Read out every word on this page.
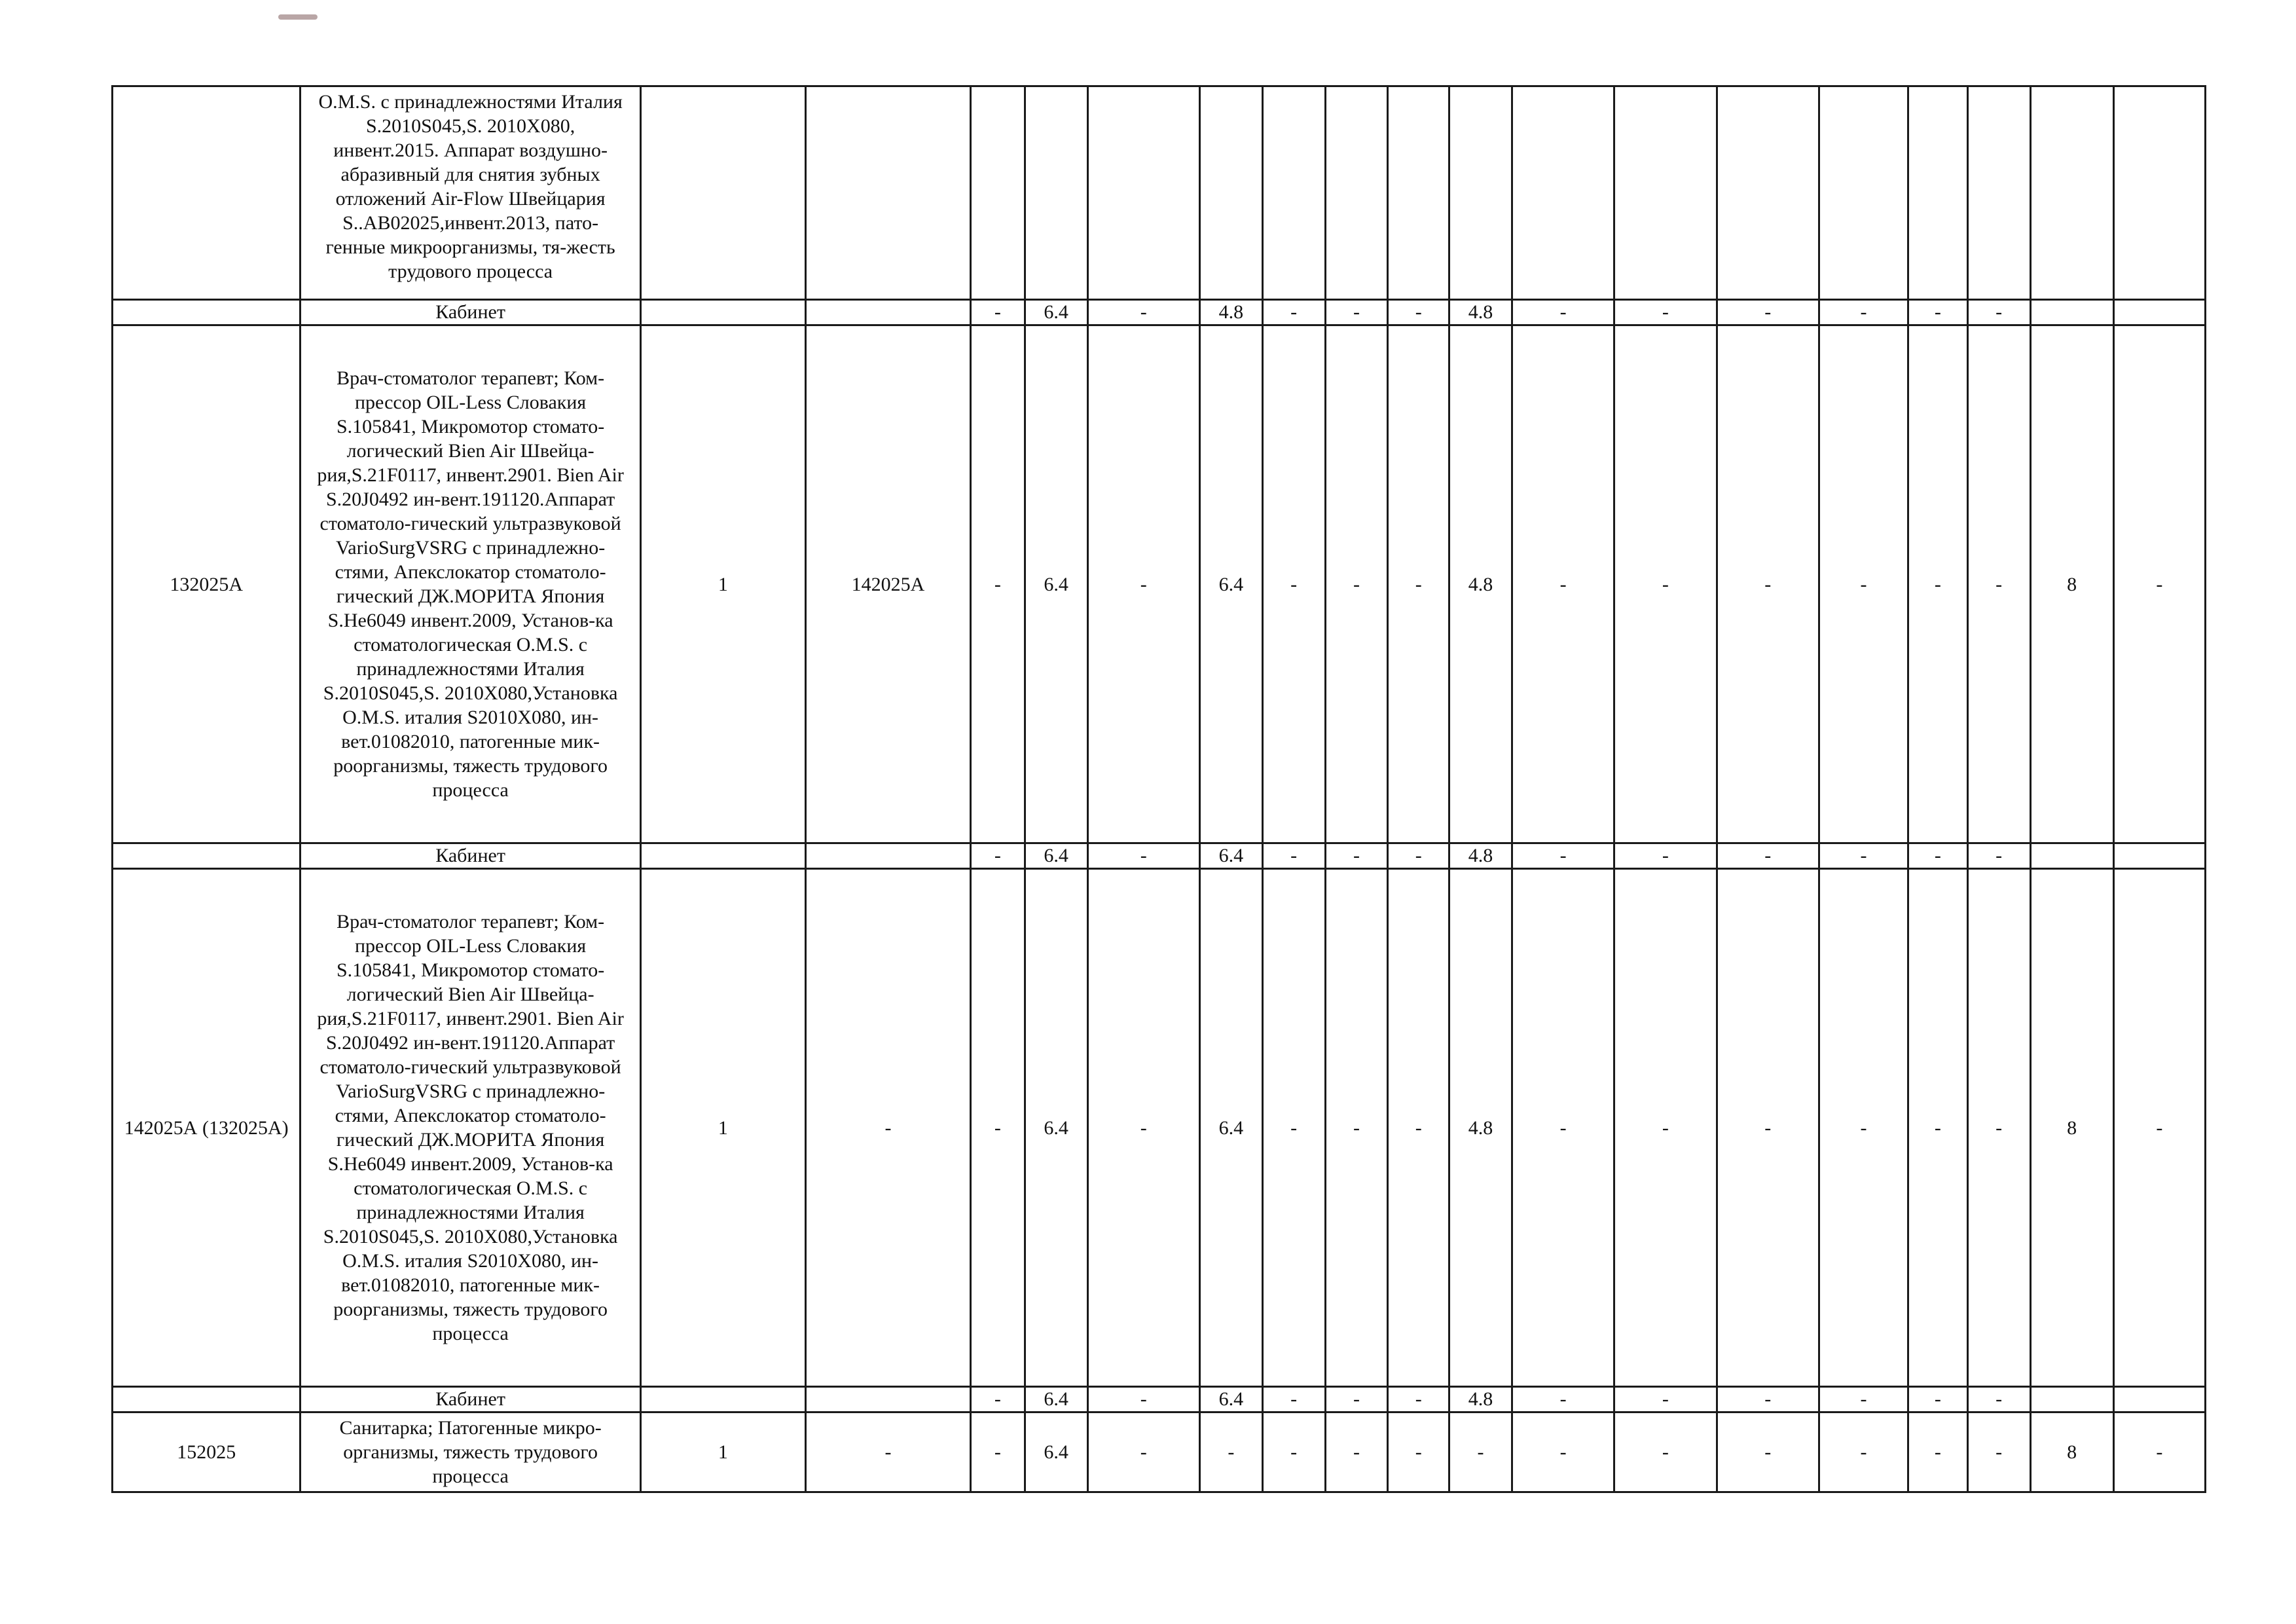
	O.M.S. с принадлежностями Италия S.2010S045,S. 2010X080, инвент.2015. Аппарат воздушно-абразивный для снятия зубных отложений Air-Flow Швейцария S..AB02025,инвент.2013, пато-генные микроорганизмы, тя-жесть трудового процесса																		
	Кабинет			-	6.4	-	4.8	-	-	-	4.8	-	-	-	-	-	-		
132025А	Врач-стоматолог терапевт; Ком-прессор OIL-Less Словакия S.105841, Микромотор стомато-логический Bien Air Швейца-рия,S.21F0117, инвент.2901. Bien Air S.20J0492 ин-вент.191120.Аппарат стоматоло-гический ультразвуковой VarioSurgVSRG с принадлежно-стями, Апекслокатор стоматоло-гический ДЖ.МОРИТА Япония S.Не6049 инвент.2009, Установ-ка стоматологическая O.M.S. с принадлежностями Италия S.2010S045,S. 2010X080,Установка O.M.S. италия S2010X080, ин-вет.01082010, патогенные мик-роорганизмы, тяжесть трудового процесса	1	142025А	-	6.4	-	6.4	-	-	-	4.8	-	-	-	-	-	-	8	-
	Кабинет			-	6.4	-	6.4	-	-	-	4.8	-	-	-	-	-	-		
142025А (132025А)	Врач-стоматолог терапевт; Ком-прессор OIL-Less Словакия S.105841, Микромотор стомато-логический Bien Air Швейца-рия,S.21F0117, инвент.2901. Bien Air S.20J0492 ин-вент.191120.Аппарат стоматоло-гический ультразвуковой VarioSurgVSRG с принадлежно-стями, Апекслокатор стоматоло-гический ДЖ.МОРИТА Япония S.Не6049 инвент.2009, Установ-ка стоматологическая O.M.S. с принадлежностями Италия S.2010S045,S. 2010X080,Установка O.M.S. италия S2010X080, ин-вет.01082010, патогенные мик-роорганизмы, тяжесть трудового процесса	1	-	-	6.4	-	6.4	-	-	-	4.8	-	-	-	-	-	-	8	-
	Кабинет			-	6.4	-	6.4	-	-	-	4.8	-	-	-	-	-	-		
152025	Санитарка; Патогенные микро-организмы, тяжесть трудового процесса	1	-	-	6.4	-	-	-	-	-	-	-	-	-	-	-	-	8	-
